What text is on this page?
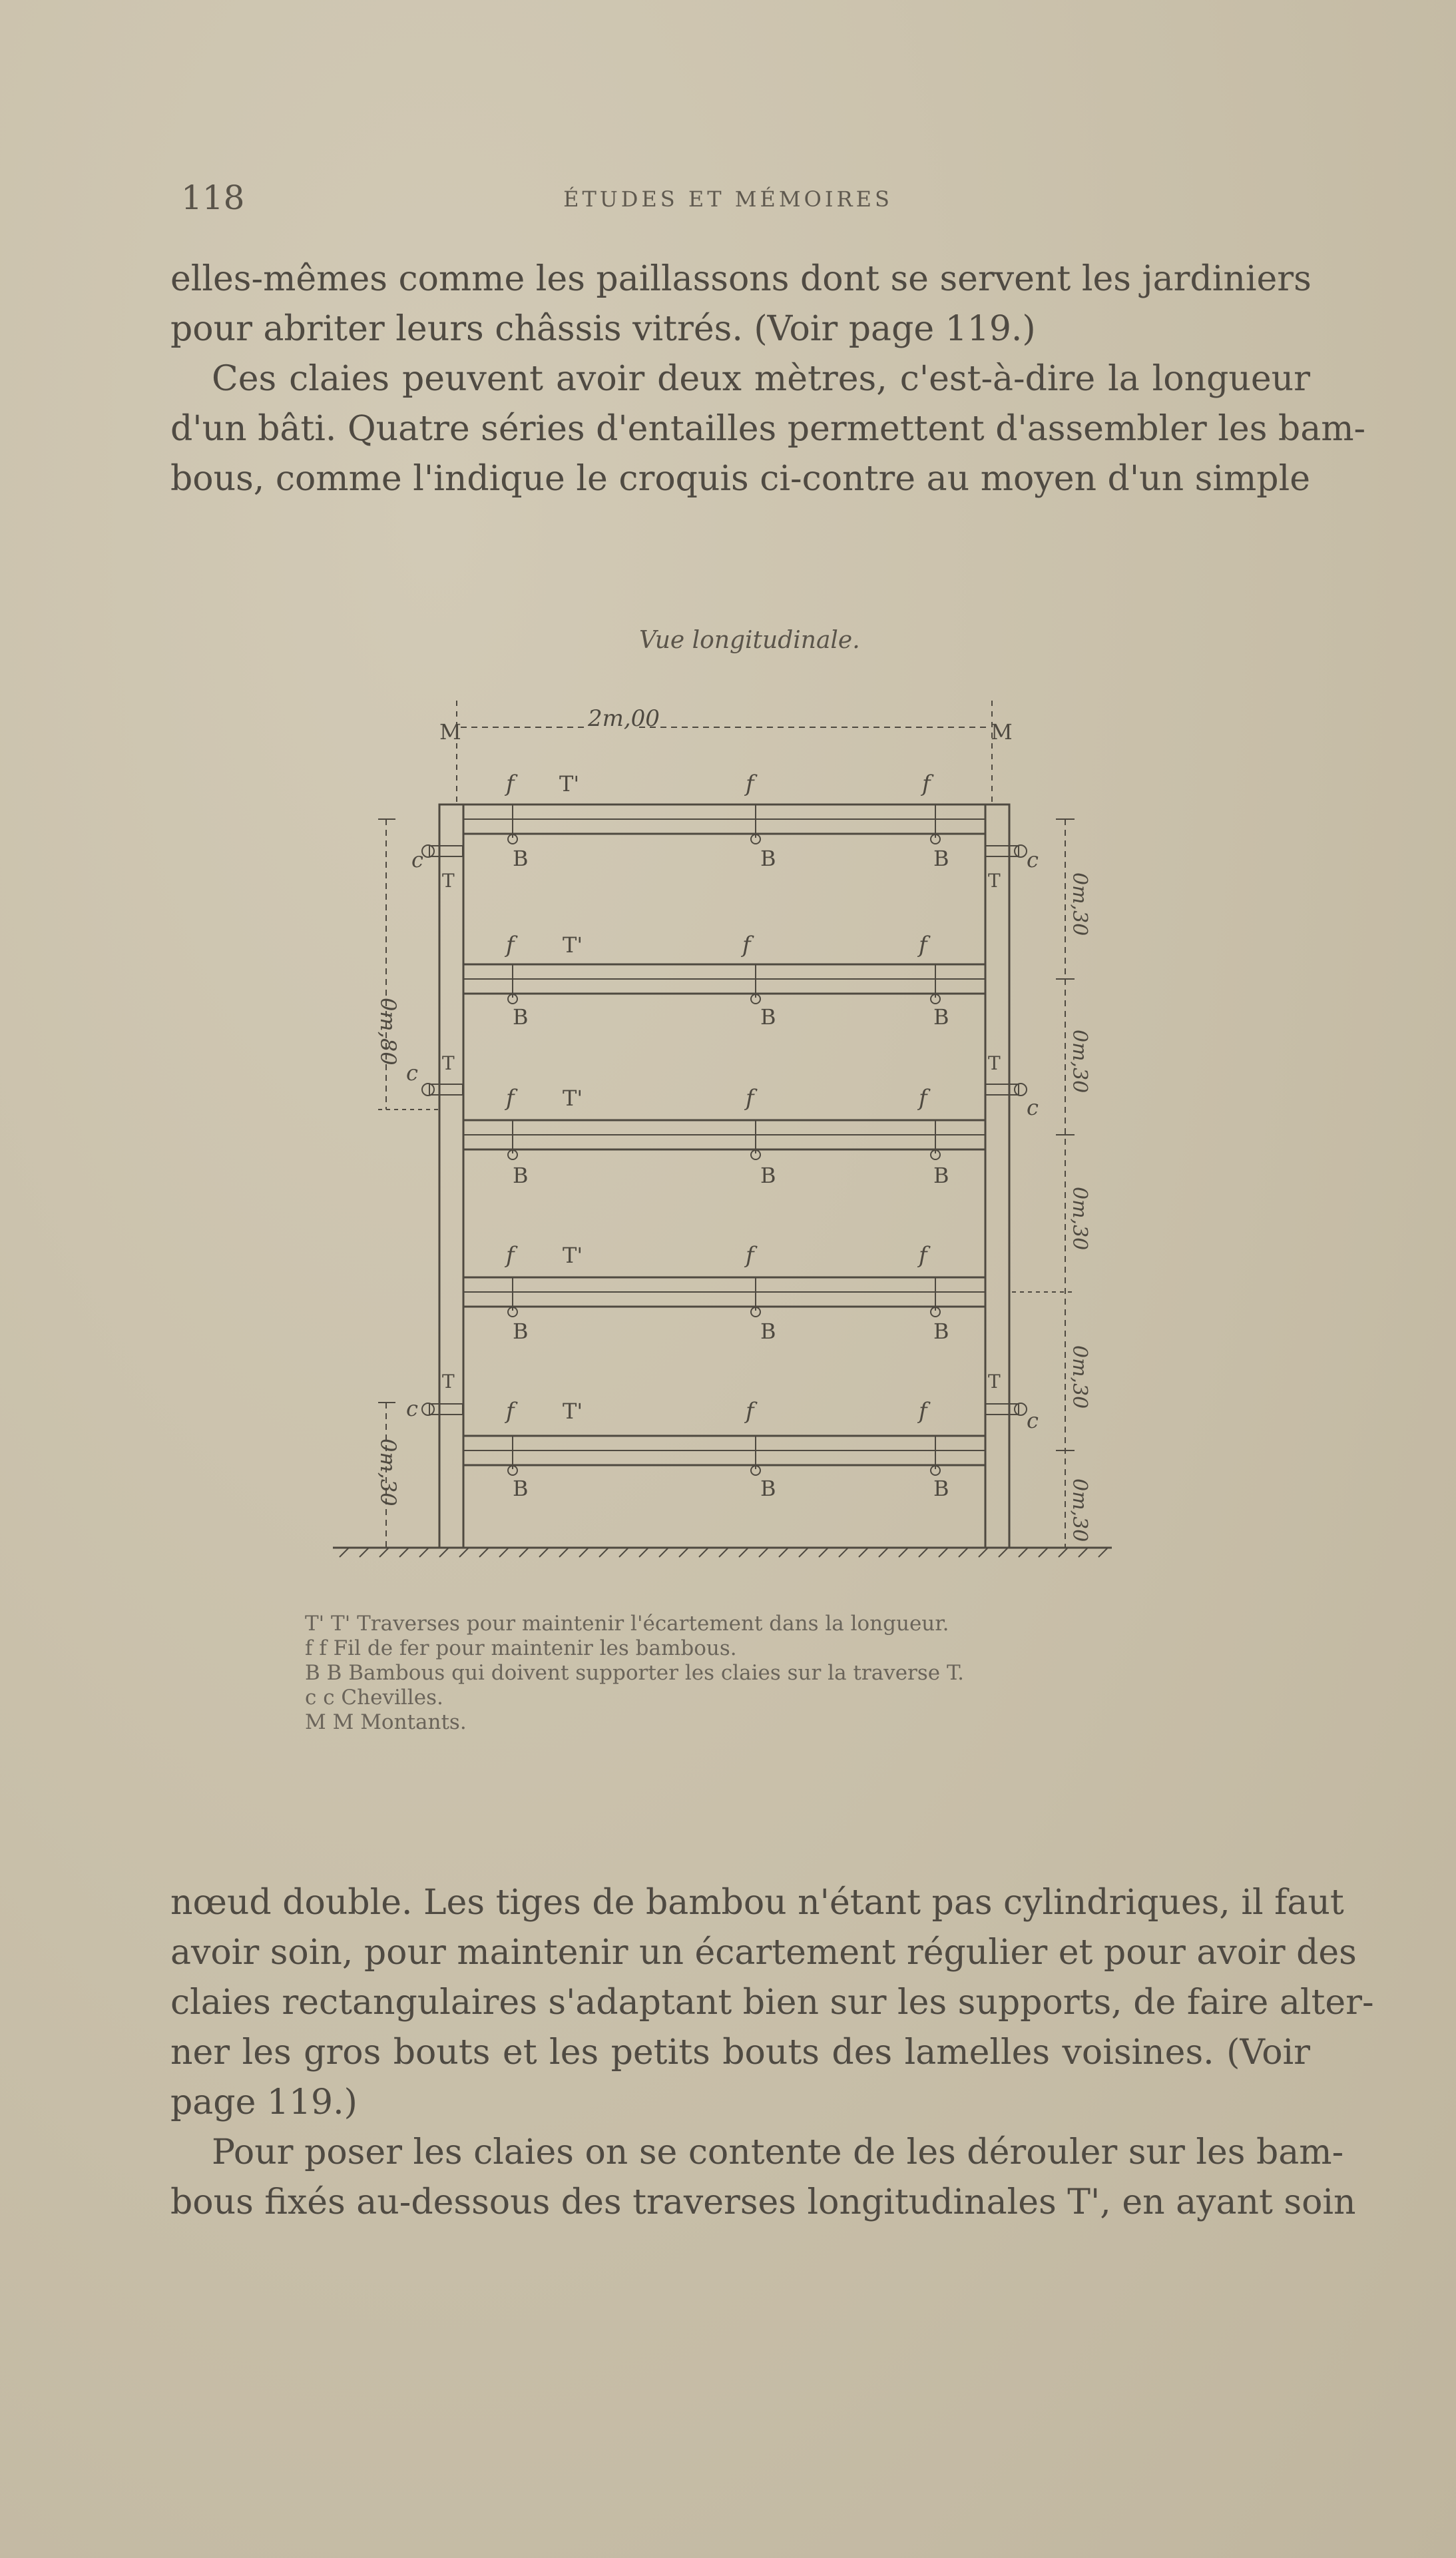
118	ÉTUDES ET MÉMOIRES
elles-mêmes comme les paillassons dont se servent les jardiniers
pour abriter leurs châssis vitrés. (Voir page 119.)
Ces claies peuvent avoir deux mètres, c'est-à-dire la longueur
d'un bâti. Quatre séries d'entailles permettent d'assembler les bam-
bous, comme l'indique le croquis ci-contre au moyen d'un simple
Vue longitudinale.
M	M
2m,00
f T'	f	f
B	B	B
T	T
c	c
f T'	f	f
B	B	B
T	T
c
c
f T'	f	f
B	B	B
f T'	f	f
B	B	B
T	T
c	c
f T'	f	f
B	B	B
0m,80
0m,30
0m,30
0m,30
0m,30
0m,30
0m,30
T' T' Traverses pour maintenir l'écartement dans la longueur.
f f Fil de fer pour maintenir les bambous.
B B Bambous qui doivent supporter les claies sur la traverse T.
c c Chevilles.
M M Montants.
nœud double. Les tiges de bambou n'étant pas cylindriques, il faut
avoir soin, pour maintenir un écartement régulier et pour avoir des
claies rectangulaires s'adaptant bien sur les supports, de faire alter-
ner les gros bouts et les petits bouts des lamelles voisines. (Voir
page 119.)
Pour poser les claies on se contente de les dérouler sur les bam-
bous fixés au-dessous des traverses longitudinales T', en ayant soin
